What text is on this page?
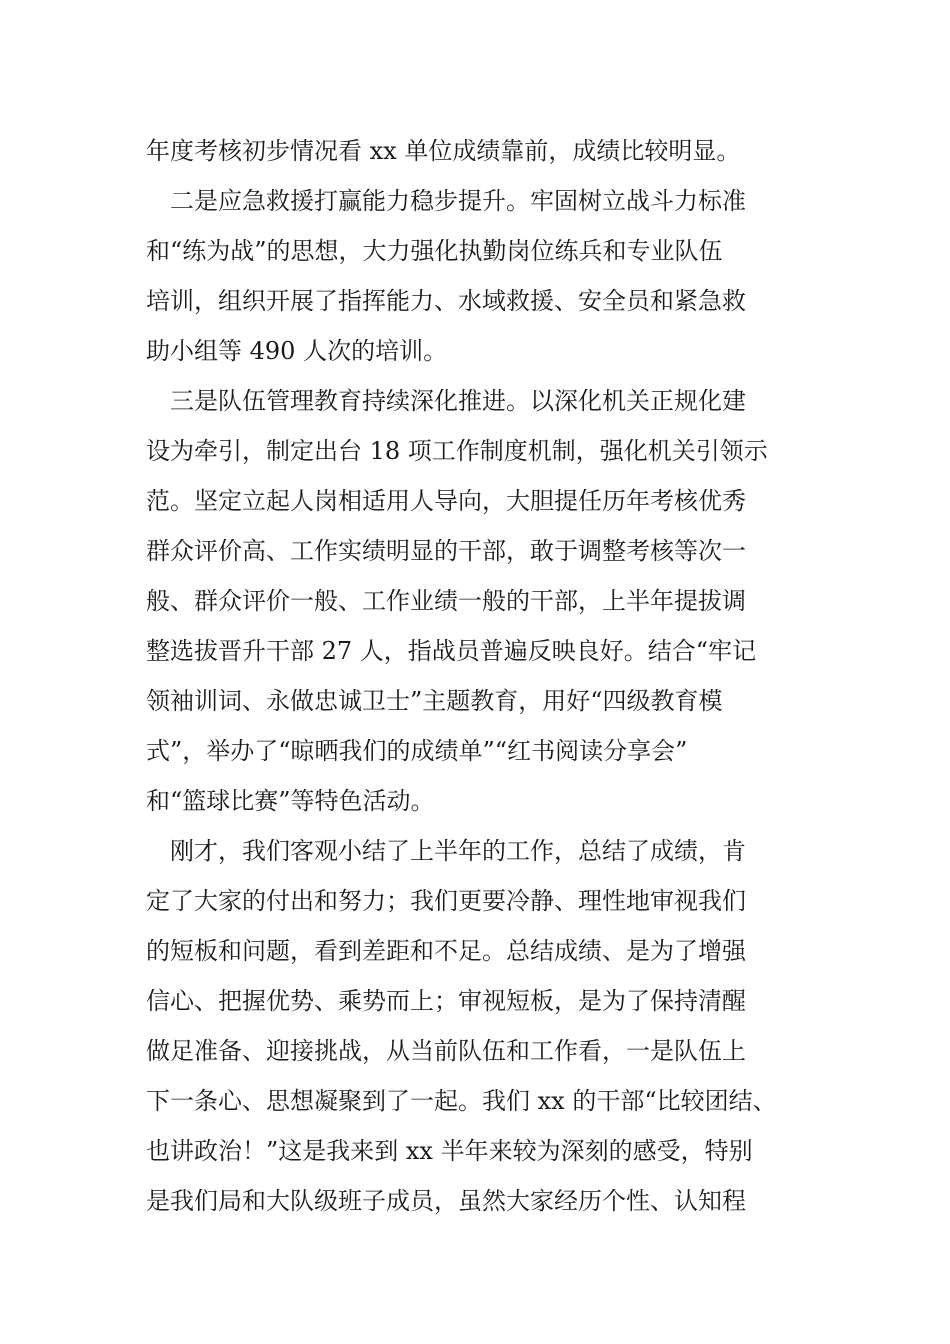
年度考核初步情况看 xx 单位成绩靠前，成绩比较明显。
　二是应急救援打赢能力稳步提升。牢固树立战斗力标准
和“练为战”的思想，大力强化执勤岗位练兵和专业队伍
培训，组织开展了指挥能力、水域救援、安全员和紧急救
助小组等 490 人次的培训。
　三是队伍管理教育持续深化推进。以深化机关正规化建
设为牵引，制定出台 18 项工作制度机制，强化机关引领示
范。坚定立起人岗相适用人导向，大胆提任历年考核优秀
群众评价高、工作实绩明显的干部，敢于调整考核等次一
般、群众评价一般、工作业绩一般的干部，上半年提拔调
整选拔晋升干部 27 人，指战员普遍反映良好。结合“牢记
领袖训词、永做忠诚卫士”主题教育，用好“四级教育模
式”，举办了“晾晒我们的成绩单”“红书阅读分享会”
和“篮球比赛”等特色活动。
　刚才，我们客观小结了上半年的工作，总结了成绩，肯
定了大家的付出和努力；我们更要冷静、理性地审视我们
的短板和问题，看到差距和不足。总结成绩、是为了增强
信心、把握优势、乘势而上；审视短板，是为了保持清醒
做足准备、迎接挑战，从当前队伍和工作看，一是队伍上
下一条心、思想凝聚到了一起。我们 xx 的干部“比较团结、
也讲政治！”这是我来到 xx 半年来较为深刻的感受，特别
是我们局和大队级班子成员，虽然大家经历个性、认知程
